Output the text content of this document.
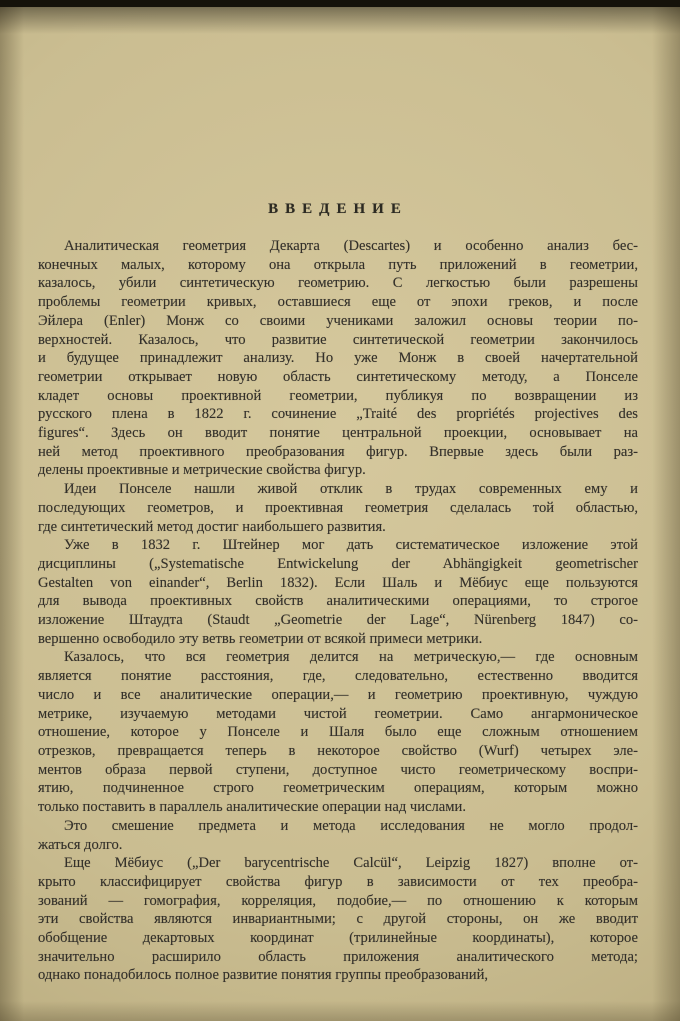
ВВЕДЕНИЕ

Аналитическая геометрия Декарта (Descartes) и особенно анализ бес-
конечных малых, которому она открыла путь приложений в геометрии,
казалось, убили синтетическую геометрию. С легкостью были разрешены
проблемы геометрии кривых, оставшиеся еще от эпохи греков, и после
Эйлера (Enler) Монж со своими учениками заложил основы теории по-
верхностей. Казалось, что развитие синтетической геометрии закончилось
и будущее принадлежит анализу. Но уже Монж в своей начертательной
геометрии открывает новую область синтетическому методу, а Понселе
кладет основы проективной геометрии, публикуя по возвращении из
русского плена в 1822 г. сочинение „Traité des propriétés projectives des
figures“. Здесь он вводит понятие центральной проекции, основывает на
ней метод проективного преобразования фигур. Впервые здесь были раз-
делены проективные и метрические свойства фигур.

Идеи Понселе нашли живой отклик в трудах современных ему и
последующих геометров, и проективная геометрия сделалась той областью,
где синтетический метод достиг наибольшего развития.

Уже в 1832 г. Штейнер мог дать систематическое изложение этой
дисциплины („Systematische Entwickelung der Abhängigkeit geometrischer
Gestalten von einander“, Berlin 1832). Если Шаль и Мёбиус еще пользуются
для вывода проективных свойств аналитическими операциями, то строгое
изложение Штаудта (Staudt „Geometrie der Lage“, Nürenberg 1847) со-
вершенно освободило эту ветвь геометрии от всякой примеси метрики.

Казалось, что вся геометрия делится на метрическую,— где основным
является понятие расстояния, где, следовательно, естественно вводится
число и все аналитические операции,— и геометрию проективную, чуждую
метрике, изучаемую методами чистой геометрии. Само ангармоническое
отношение, которое у Понселе и Шаля было еще сложным отношением
отрезков, превращается теперь в некоторое свойство (Wurf) четырех эле-
ментов образа первой ступени, доступное чисто геометрическому воспри-
ятию, подчиненное строго геометрическим операциям, которым можно
только поставить в параллель аналитические операции над числами.

Это смешение предмета и метода исследования не могло продол-
жаться долго.

Еще Мёбиус („Der barycentrische Calcül“, Leipzig 1827) вполне от-
крыто классифицирует свойства фигур в зависимости от тех преобра-
зований — гомография, корреляция, подобие,— по отношению к которым
эти свойства являются инвариантными; с другой стороны, он же вводит
обобщение декартовых координат (трилинейные координаты), которое
значительно расширило область приложения аналитического метода;
однако понадобилось полное развитие понятия группы преобразований,
